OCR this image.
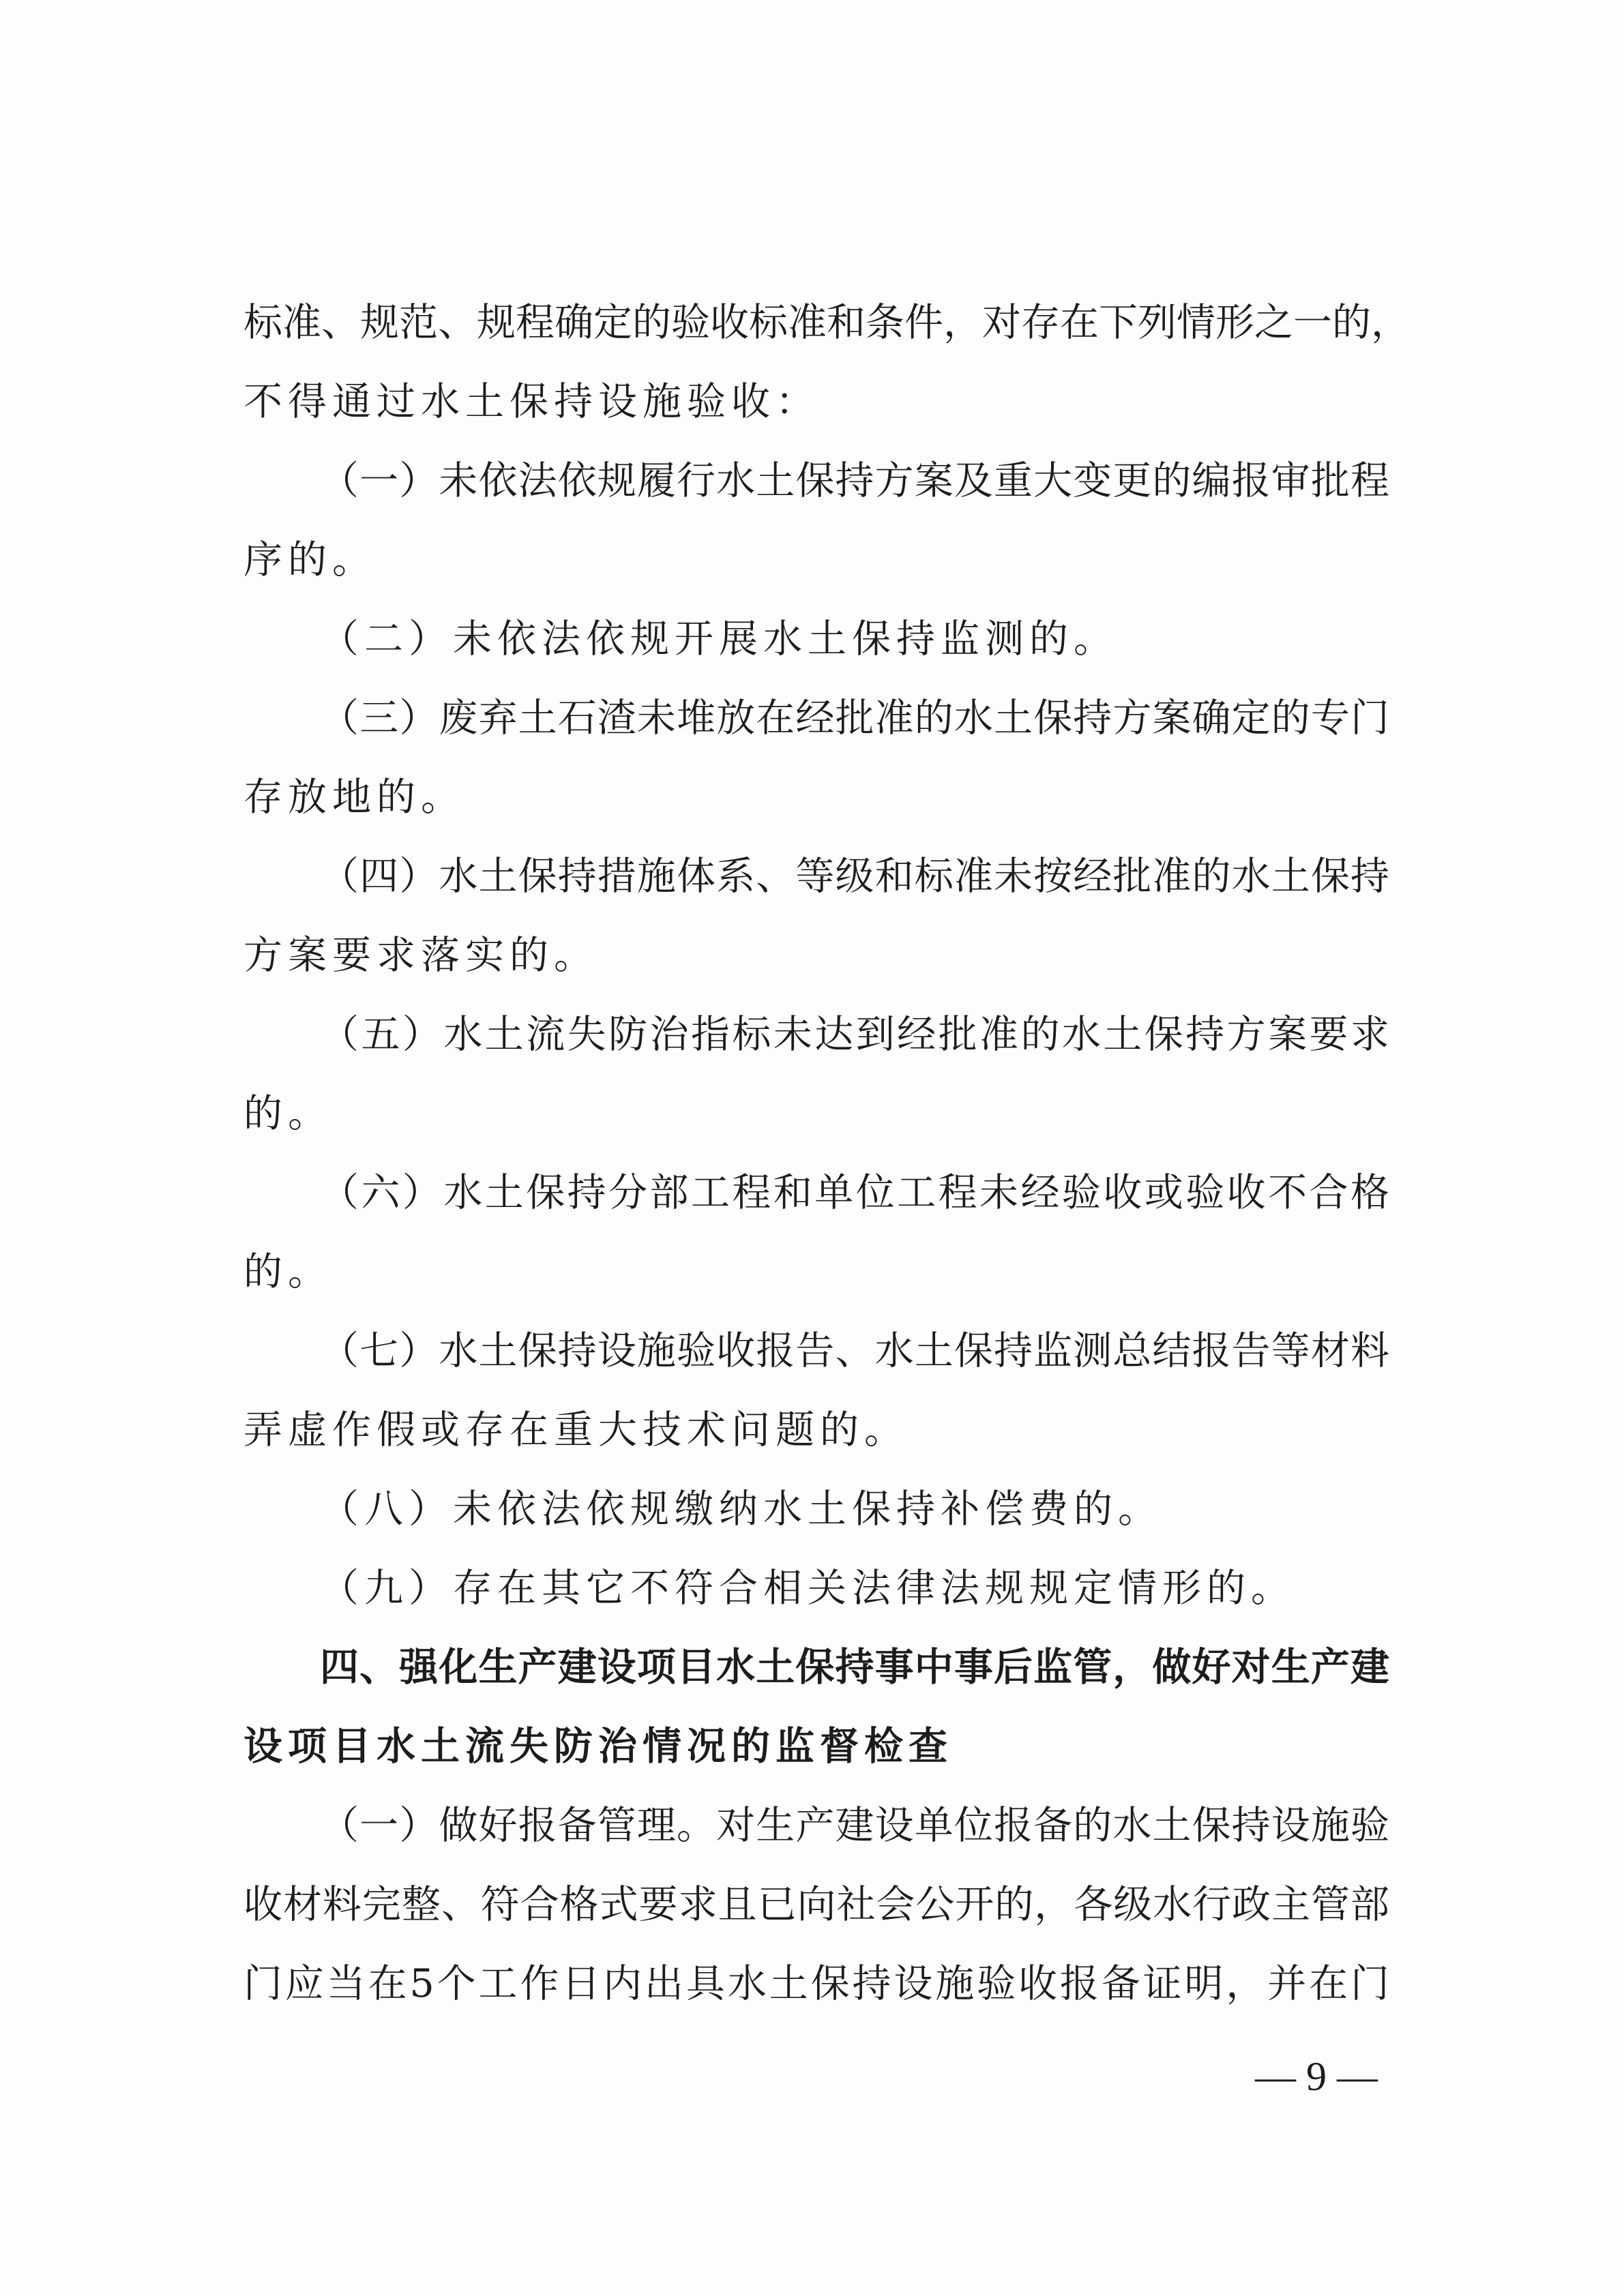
标准、规范、规程确定的验收标准和条件，对存在下列情形之一的，
不得通过水土保持设施验收：
（一）未依法依规履行水土保持方案及重大变更的编报审批程
序的。
（二）未依法依规开展水土保持监测的。
（三）废弃土石渣未堆放在经批准的水土保持方案确定的专门
存放地的。
（四）水土保持措施体系、等级和标准未按经批准的水土保持
方案要求落实的。
（五）水土流失防治指标未达到经批准的水土保持方案要求
的。
（六）水土保持分部工程和单位工程未经验收或验收不合格
的。
（七）水土保持设施验收报告、水土保持监测总结报告等材料
弄虚作假或存在重大技术问题的。
（八）未依法依规缴纳水土保持补偿费的。
（九）存在其它不符合相关法律法规规定情形的。
四、强化生产建设项目水土保持事中事后监管，做好对生产建
设项目水土流失防治情况的监督检查
（一）做好报备管理。对生产建设单位报备的水土保持设施验
收材料完整、符合格式要求且已向社会公开的，各级水行政主管部
门应当在5个工作日内出具水土保持设施验收报备证明，并在门
— 9 —
